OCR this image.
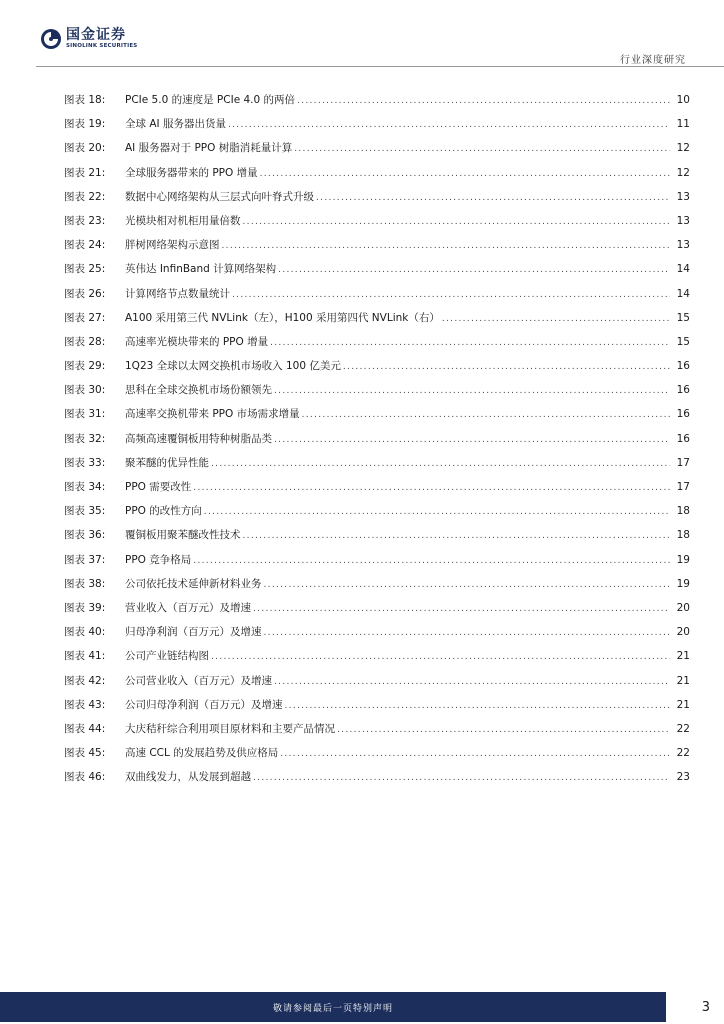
国金证券
SINOLINK SECURITIES
行业深度研究
图表 18:	PCIe 5.0 的速度是 PCIe 4.0 的两倍 .....	10
图表 19:	全球 AI 服务器出货量 .....	11
图表 20:	AI 服务器对于 PPO 树脂消耗量计算 .....	12
图表 21:	全球服务器带来的 PPO 增量 .....	12
图表 22:	数据中心网络架构从三层式向叶脊式升级 .....	13
图表 23:	光模块相对机柜用量倍数 .....	13
图表 24:	胖树网络架构示意图 .....	13
图表 25:	英伟达 InfinBand 计算网络架构 .....	14
图表 26:	计算网络节点数量统计 .....	14
图表 27:	A100 采用第三代 NVLink（左），H100 采用第四代 NVLink（右） .....	15
图表 28:	高速率光模块带来的 PPO 增量 .....	15
图表 29:	1Q23 全球以太网交换机市场收入 100 亿美元 .....	16
图表 30:	思科在全球交换机市场份额领先 .....	16
图表 31:	高速率交换机带来 PPO 市场需求增量 .....	16
图表 32:	高频高速覆铜板用特种树脂品类 .....	16
图表 33:	聚苯醚的优异性能 .....	17
图表 34:	PPO 需要改性 .....	17
图表 35:	PPO 的改性方向 .....	18
图表 36:	覆铜板用聚苯醚改性技术 .....	18
图表 37:	PPO 竞争格局 .....	19
图表 38:	公司依托技术延伸新材料业务 .....	19
图表 39:	营业收入（百万元）及增速 .....	20
图表 40:	归母净利润（百万元）及增速 .....	20
图表 41:	公司产业链结构图 .....	21
图表 42:	公司营业收入（百万元）及增速 .....	21
图表 43:	公司归母净利润（百万元）及增速 .....	21
图表 44:	大庆秸秆综合利用项目原材料和主要产品情况 .....	22
图表 45:	高速 CCL 的发展趋势及供应格局 .....	22
图表 46:	双曲线发力，从发展到超越 .....	23
敬请参阅最后一页特别声明	3
